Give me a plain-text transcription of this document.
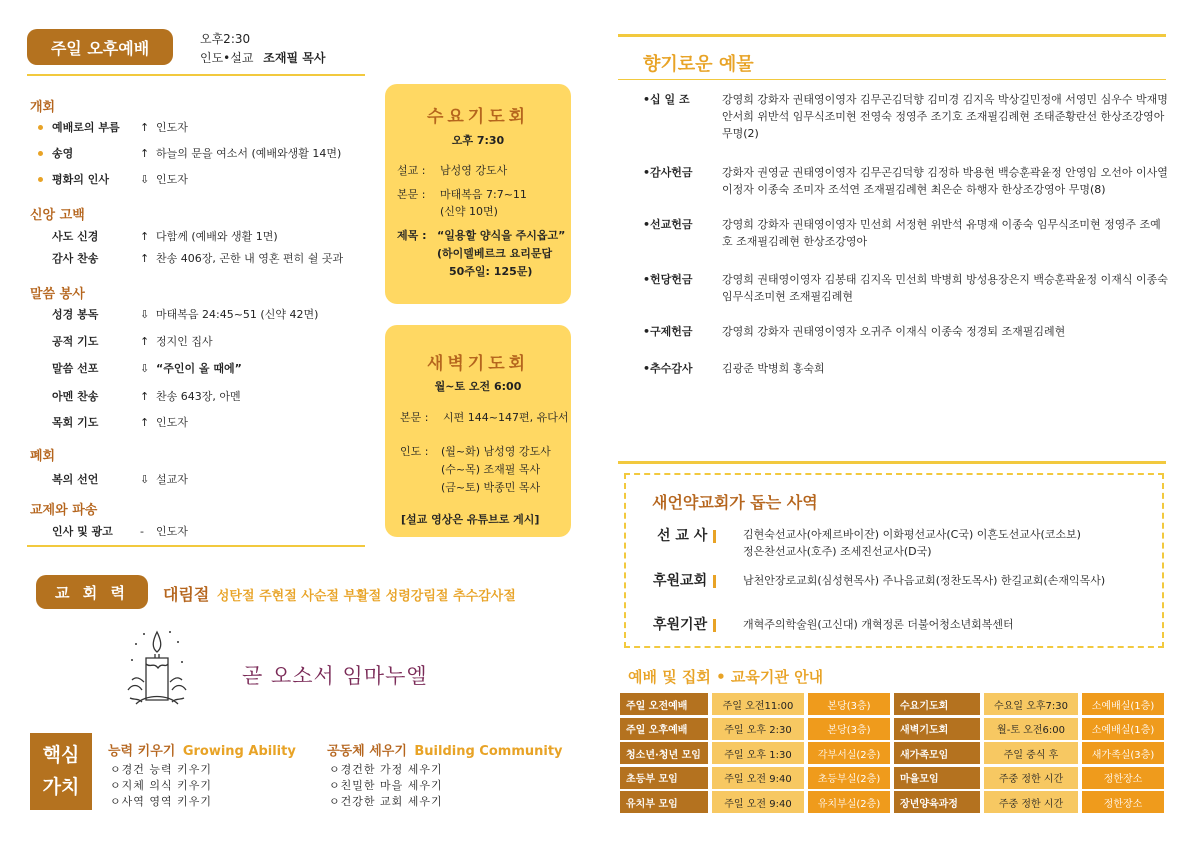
주일 오후예배	오후2:30
인도•설교 조재필 목사
개회
예배로의 부름 ↑ 인도자
송영	↑ 하늘의 문을 여소서 (예배와생활 14면)
평화의 인사	⇩ 인도자
신앙 고백
사도 신경	↑ 다함께 (예배와 생활 1면)
감사 찬송	↑ 찬송 406장, 곤한 내 영혼 편히 쉴 곳과
말씀 봉사
성경 봉독	⇩ 마태복음 24:45~51 (신약 42면)
공적 기도	↑ 정지인 집사
말씀 선포	⇩ “주인이 올 때에”
아멘 찬송	↑ 찬송 643장, 아멘
목회 기도	↑ 인도자
폐회
복의 선언	⇩ 설교자
교제와 파송
인사 및 광고 - 인도자
수요기도회
오후 7:30
설교 : 남성영 강도사
본문 : 마태복음 7:7~11
(신약 10면)
제목 : “일용할 양식을 주시옵고”
(하이델베르크 요리문답
50주일: 125문)
새벽기도회
월~토 오전 6:00
본문 : 시편 144~147편, 유다서
인도 : (월~화) 남성영 강도사
(수~목) 조재필 목사
(금~토) 박종민 목사
[설교 영상은 유튜브로 게시]
교 회 력	대림절 성탄절 주현절 사순절 부활절 성령강림절 추수감사절
곧 오소서 임마누엘
핵심
가치
능력 키우기 Growing Ability
ㅇ경건 능력 키우기
ㅇ지체 의식 키우기
ㅇ사역 영역 키우기
공동체 세우기 Building Community
ㅇ경건한 가정 세우기
ㅇ친밀한 마을 세우기
ㅇ건강한 교회 세우기
향기로운 예물
•십 일 조	강영희 강화자 권태영이영자 김무곤김덕향 김미경 김지옥 박상길민정애 서영민 심우수 박재명 안서희 위반석 임무식조미현 전영숙 정영주 조기호 조재필김례현 조태준황란선 한상조강영아 무명(2)
•감사헌금	강화자 권영균 권태영이영자 김무곤김덕향 김정하 박용현 백승훈곽윤정 안영임 오선아 이사열이정자 이종숙 조미자 조석연 조재필김례현 최은순 하행자 한상조강영아 무명(8)
•선교헌금	강영희 강화자 권태영이영자 민선희 서정현 위반석 유명재 이종숙 임무식조미현 정영주 조예호 조재필김례현 한상조강영아
•헌당헌금	강영희 권태영이영자 김봉태 김지옥 민선희 박병희 방성용장은지 백승훈곽윤정 이재식 이종숙 임무식조미현 조재필김례현
•구제헌금	강영희 강화자 권태영이영자 오귀주 이재식 이종숙 정경퇴 조재필김례현
•추수감사	김광준 박병희 홍숙희
새언약교회가 돕는 사역
선 교 사	김현숙선교사(아제르바이잔) 이화평선교사(C국) 이흔도선교사(코소보)
정은찬선교사(호주) 조세진선교사(D국)
후원교회	남천안장로교회(심성현목사) 주나음교회(정찬도목사) 한길교회(손재익목사)
후원기관	개혁주의학술원(고신대) 개혁정론 더불어청소년회복센터
예배 및 집회 • 교육기관 안내
주일 오전예배	주일 오전11:00	본당(3층)	수요기도회	수요일 오후7:30	소예배실(1층)
주일 오후예배	주일 오후 2:30	본당(3층)	새벽기도회	월-토 오전6:00	소예배실(1층)
청소년·청년 모임	주일 오후 1:30	각부서실(2층)	새가족모임	주일 중식 후	새가족실(3층)
초등부 모임	주일 오전 9:40	초등부실(2층)	마을모임	주중 정한 시간	정한장소
유치부 모임	주일 오전 9:40	유치부실(2층)	장년양육과정	주중 정한 시간	정한장소
